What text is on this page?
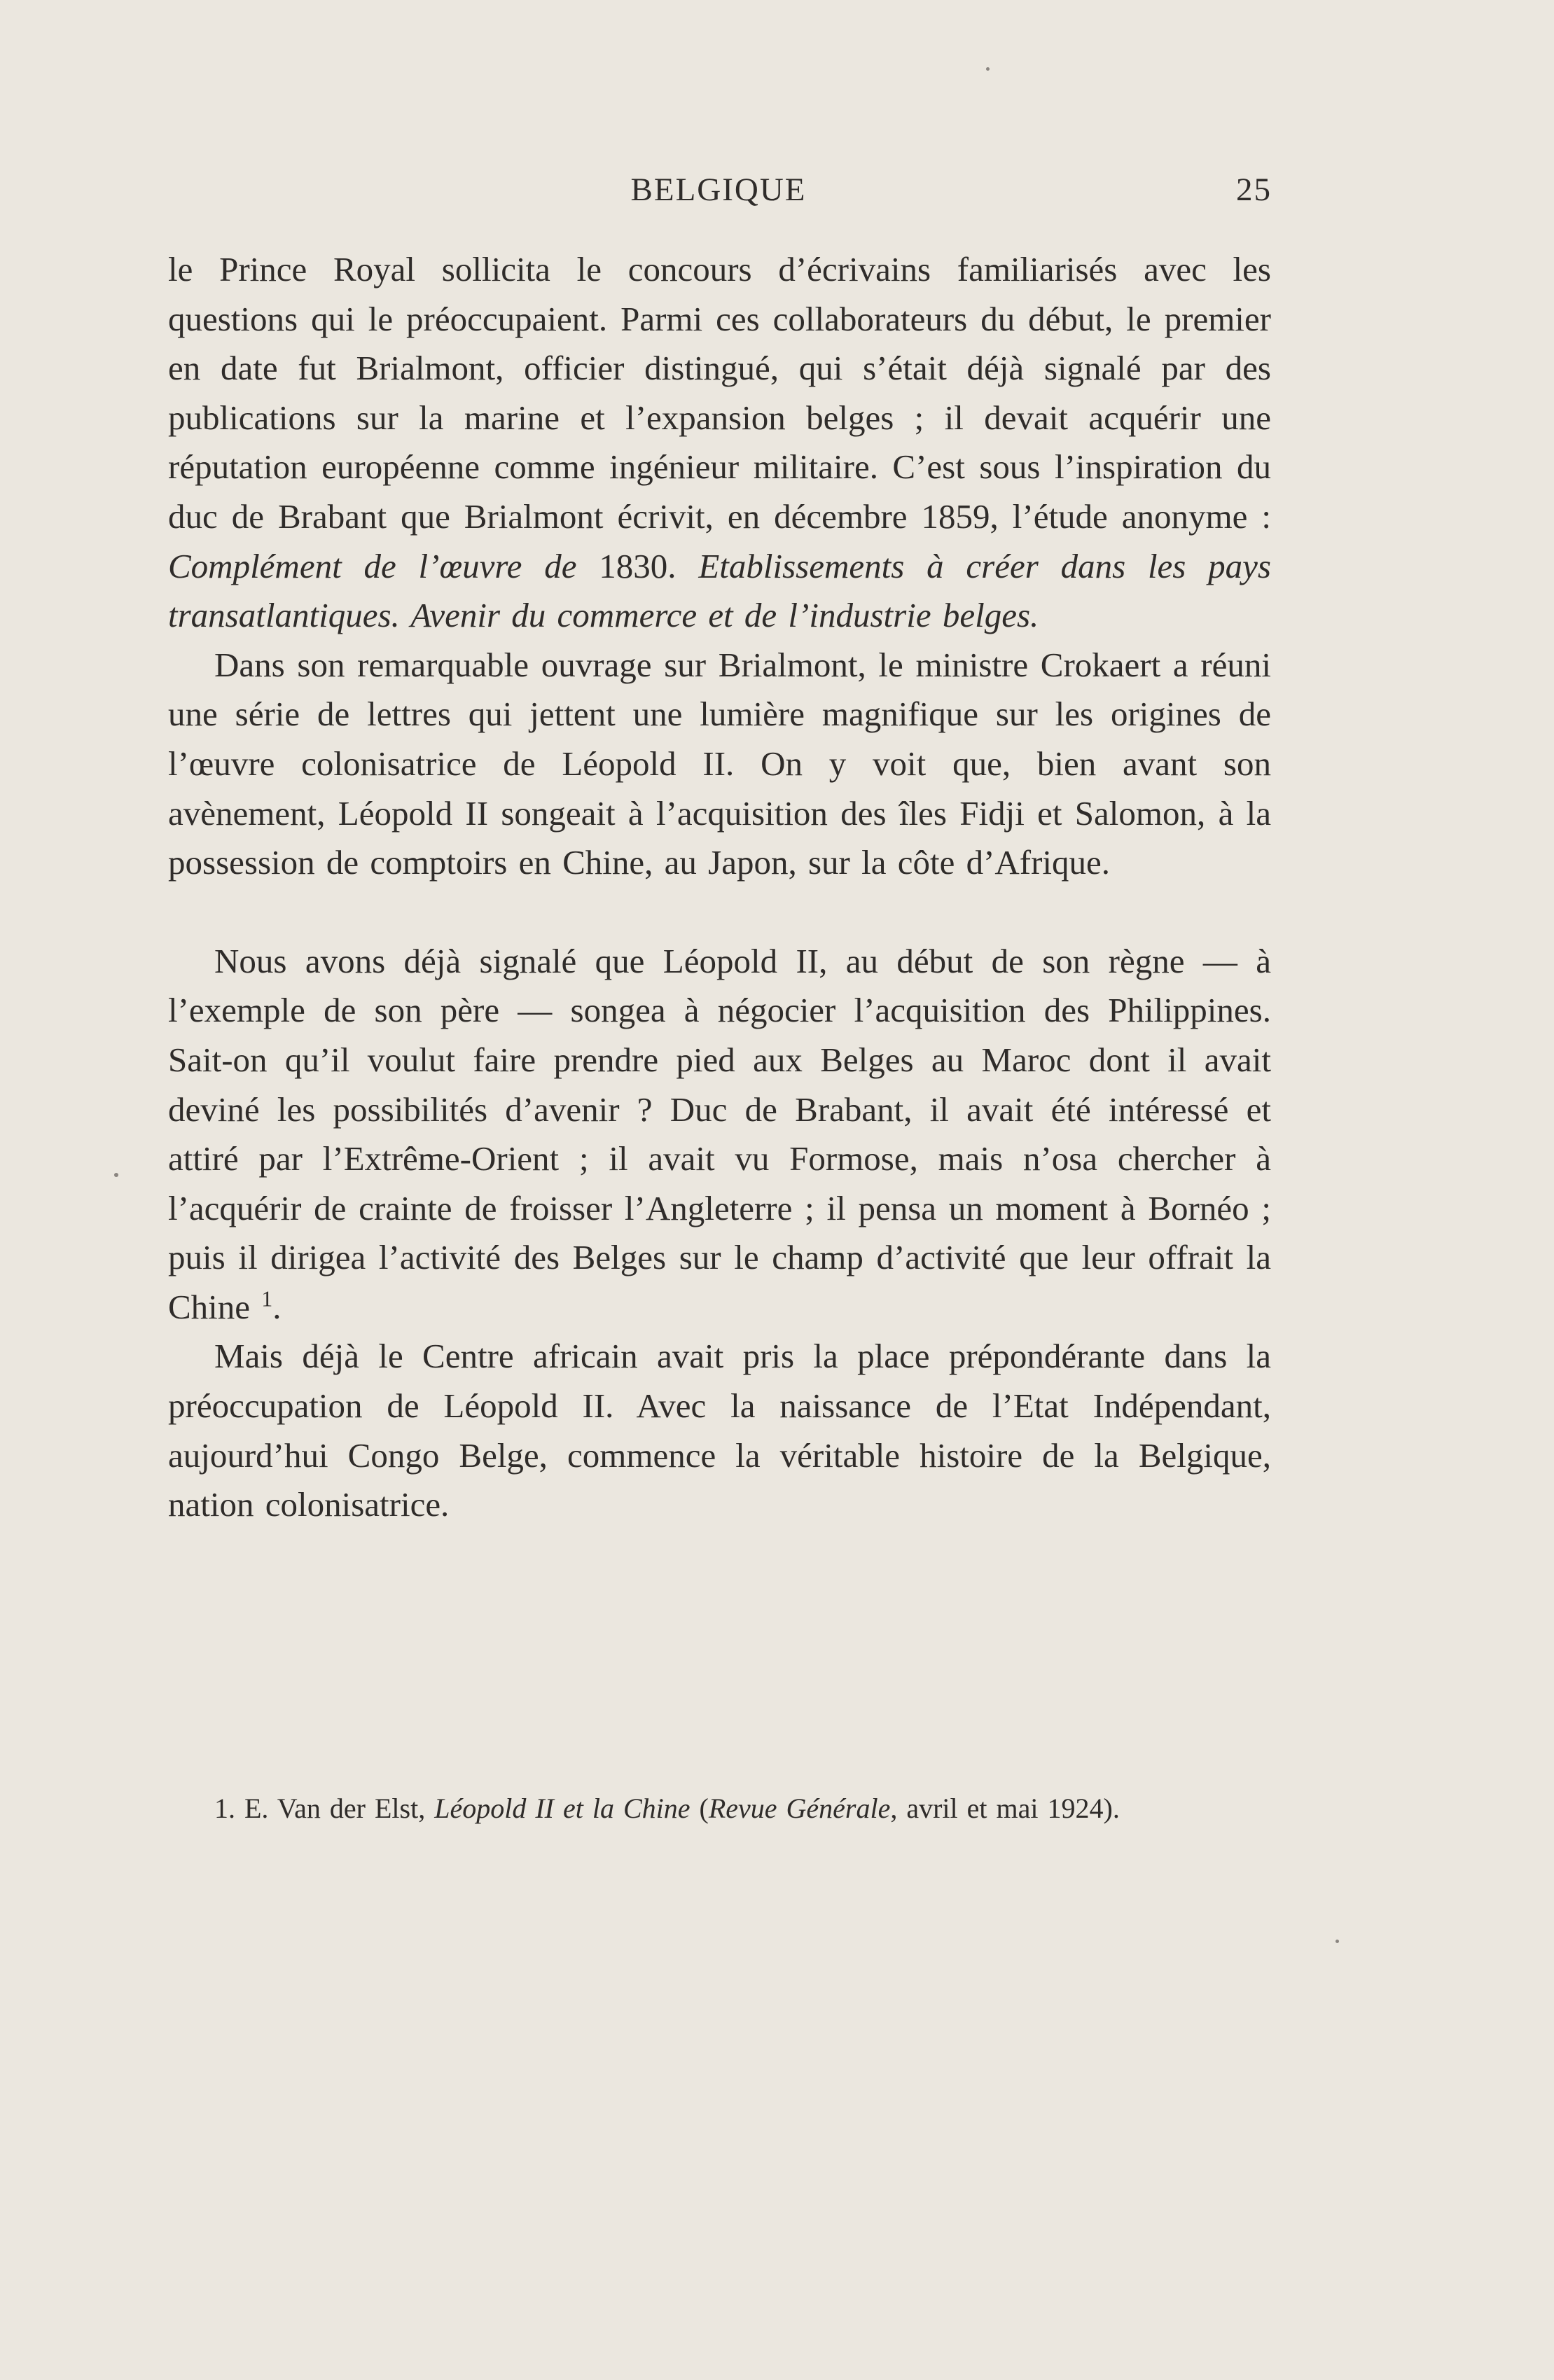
BELGIQUE	25

le Prince Royal sollicita le concours d’écrivains familiarisés avec les questions qui le préoccupaient. Parmi ces collaborateurs du début, le premier en date fut Brialmont, officier distingué, qui s’était déjà signalé par des publications sur la marine et l’expansion belges ; il devait acquérir une réputation européenne comme ingénieur militaire. C’est sous l’inspiration du duc de Brabant que Brialmont écrivit, en décembre 1859, l’étude anonyme : Complément de l’œuvre de 1830. Etablissements à créer dans les pays transatlantiques. Avenir du commerce et de l’industrie belges.

Dans son remarquable ouvrage sur Brialmont, le ministre Crokaert a réuni une série de lettres qui jettent une lumière magnifique sur les origines de l’œuvre colonisatrice de Léopold II. On y voit que, bien avant son avènement, Léopold II songeait à l’acquisition des îles Fidji et Salomon, à la possession de comptoirs en Chine, au Japon, sur la côte d’Afrique.

Nous avons déjà signalé que Léopold II, au début de son règne — à l’exemple de son père — songea à négocier l’acquisition des Philippines. Sait-on qu’il voulut faire prendre pied aux Belges au Maroc dont il avait deviné les possibilités d’avenir ? Duc de Brabant, il avait été intéressé et attiré par l’Extrême-Orient ; il avait vu Formose, mais n’osa chercher à l’acquérir de crainte de froisser l’Angleterre ; il pensa un moment à Bornéo ; puis il dirigea l’activité des Belges sur le champ d’activité que leur offrait la Chine $^1$.

Mais déjà le Centre africain avait pris la place prépondérante dans la préoccupation de Léopold II. Avec la naissance de l’Etat Indépendant, aujourd’hui Congo Belge, commence la véritable histoire de la Belgique, nation colonisatrice.

1. E. Van der Elst, Léopold II et la Chine (Revue Générale, avril et mai 1924).
